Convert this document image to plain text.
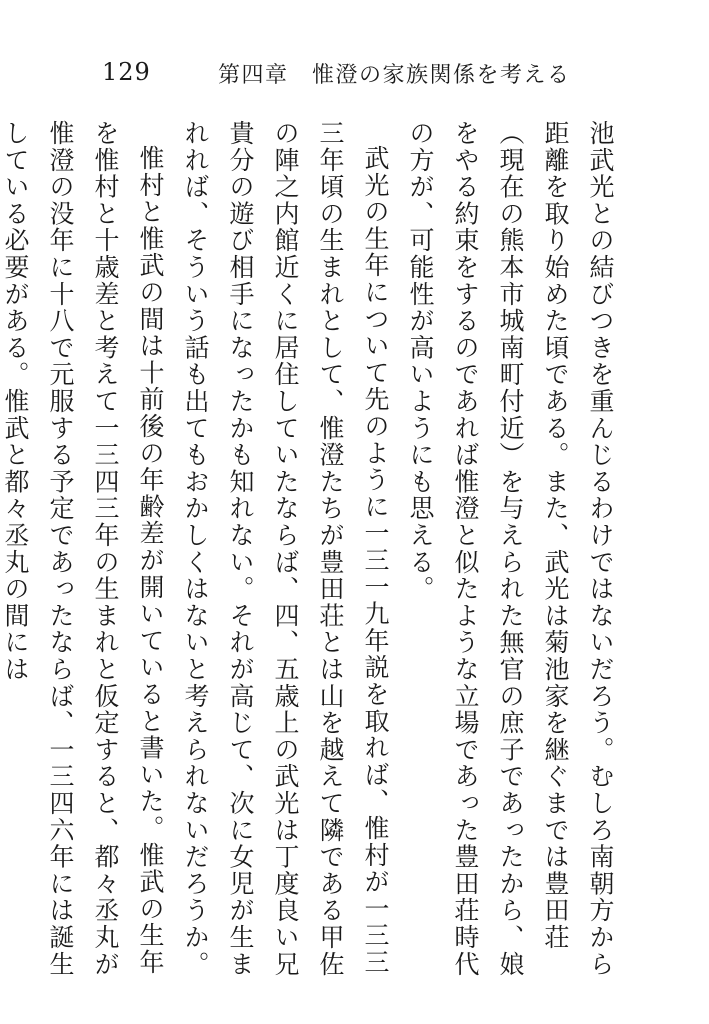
129	第四章　惟澄の家族関係を考える

池武光との結びつきを重んじるわけではないだろう。むしろ南朝方から距離を取り始めた頃である。また、武光は菊池家を継ぐまでは豊田荘（現在の熊本市城南町付近）を与えられた無官の庶子であったから、娘をやる約束をするのであれば惟澄と似たような立場であった豊田荘時代の方が、可能性が高いようにも思える。

武光の生年について先のように一三一九年説を取れば、惟村が一三三三年頃の生まれとして、惟澄たちが豊田荘とは山を越えて隣である甲佐の陣之内館近くに居住していたならば、四、五歳上の武光は丁度良い兄貴分の遊び相手になったかも知れない。それが高じて、次に女児が生まれれば、そういう話も出てもおかしくはないと考えられないだろうか。

惟村と惟武の間は十前後の年齢差が開いていると書いた。惟武の生年を惟村と十歳差と考えて一三四三年の生まれと仮定すると、都々丞丸が惟澄の没年に十八で元服する予定であったならば、一三四六年には誕生している必要がある。惟武と都々丞丸の間には
